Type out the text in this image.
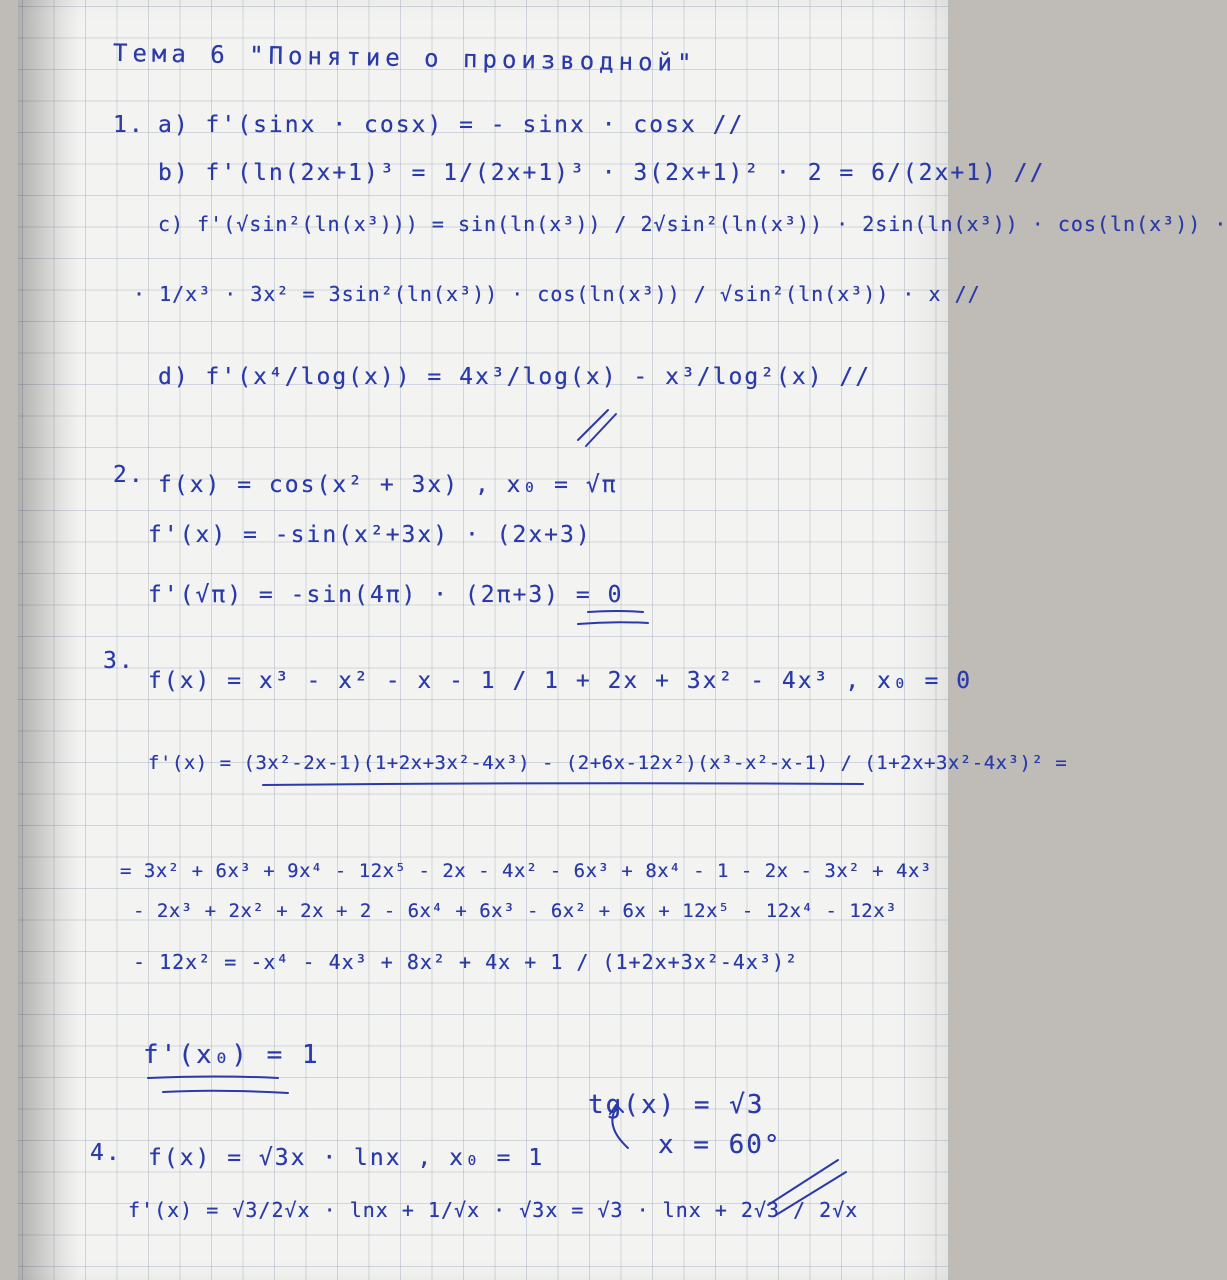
Тема 6 "Понятие о производной"
1. a) f'(sinx · cosx) = - sinx · cosx //
b) f'(ln(2x+1)³ = 1/(2x+1)³ · 3(2x+1)² · 2 = 6/(2x+1) //
c) f'(√sin²(ln(x³))) = sin(ln(x³)) / 2√sin²(ln(x³)) · 2sin(ln(x³)) · cos(ln(x³)) ·
· 1/x³ · 3x² = 3sin²(ln(x³)) · cos(ln(x³)) / √sin²(ln(x³)) · x //
d) f'(x⁴/log(x)) = 4x³/log(x) - x³/log²(x) //
2. f(x) = cos(x² + 3x) , x₀ = √π
f'(x) = -sin(x²+3x) · (2x+3)
f'(√π) = -sin(4π) · (2π+3) = 0
3.
f(x) = x³ - x² - x - 1 / 1 + 2x + 3x² - 4x³ , x₀ = 0
f'(x) = (3x²-2x-1)(1+2x+3x²-4x³) - (2+6x-12x²)(x³-x²-x-1) / (1+2x+3x²-4x³)² =
= 3x² + 6x³ + 9x⁴ - 12x⁵ - 2x - 4x² - 6x³ + 8x⁴ - 1 - 2x - 3x² + 4x³
- 2x³ + 2x² + 2x + 2 - 6x⁴ + 6x³ - 6x² + 6x + 12x⁵ - 12x⁴ - 12x³
- 12x² = -x⁴ - 4x³ + 8x² + 4x + 1 / (1+2x+3x²-4x³)²
f'(x₀) = 1
tg(x) = √3
x = 60°
4. f(x) = √3x · lnx , x₀ = 1
f'(x) = √3/2√x · lnx + 1/√x · √3x = √3 · lnx + 2√3 / 2√x
